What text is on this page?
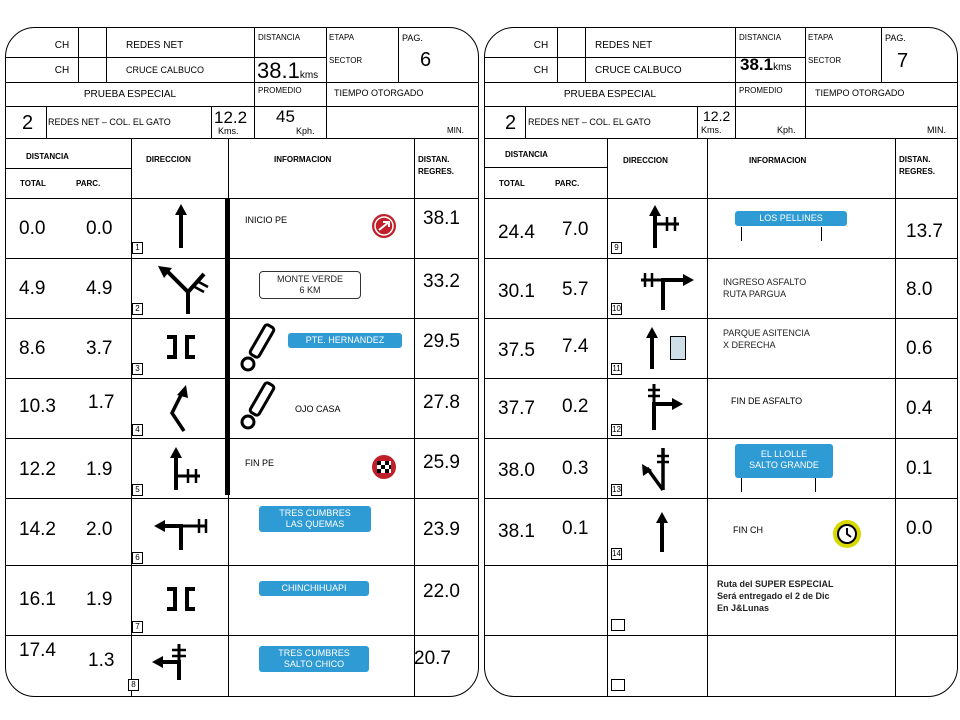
CH
CH
REDES NET
CRUCE CALBUCO
DISTANCIA
38.1kms
ETAPA
SECTOR
PAG.
6
PRUEBA ESPECIAL	PROMEDIO	TIEMPO OTORGADO
2 REDES NET – COL. EL GATO	12.2
Kms.
45
Kph.	MIN.
DISTANCIA
TOTAL	PARC.
DIRECCION	INFORMACION	DISTAN.
REGRES.
0.0 0.0	38.1
1
INICIO PE
4.9 4.9	33.2
2
MONTE VERDE
6 KM
8.6 3.7	29.5
3
PTE. HERNANDEZ
10.3 1.7	27.8
4
OJO CASA
12.2 1.9	25.9
5
FIN PE
14.2 2.0	23.9
6
TRES CUMBRES
LAS QUEMAS
16.1 1.9	22.0
7
CHINCHIHUAPI
17.4 1.3	20.7
8
TRES CUMBRES
SALTO CHICO
CH
CH
REDES NET
CRUCE CALBUCO
DISTANCIA
38.1kms
ETAPA
SECTOR
PAG.
7
PRUEBA ESPECIAL	PROMEDIO	TIEMPO OTORGADO
2 REDES NET – COL. EL GATO	12.2
Kms.	Kph.	MIN.
DISTANCIA
TOTAL	PARC.
DIRECCION	INFORMACION	DISTAN.
REGRES.
24.4 7.0	13.7
9
LOS PELLINES
30.1 5.7	8.0
10
INGRESO ASFALTO
RUTA PARGUA
37.5 7.4	0.6
11
PARQUE ASITENCIA
X DERECHA
37.7 0.2	0.4
12
FIN DE ASFALTO
38.0 0.3	0.1
13
EL LLOLLE
SALTO GRANDE
38.1 0.1	0.0
14
FIN CH
Ruta del SUPER ESPECIAL
Será entregado el 2 de Dic
En J&Lunas
